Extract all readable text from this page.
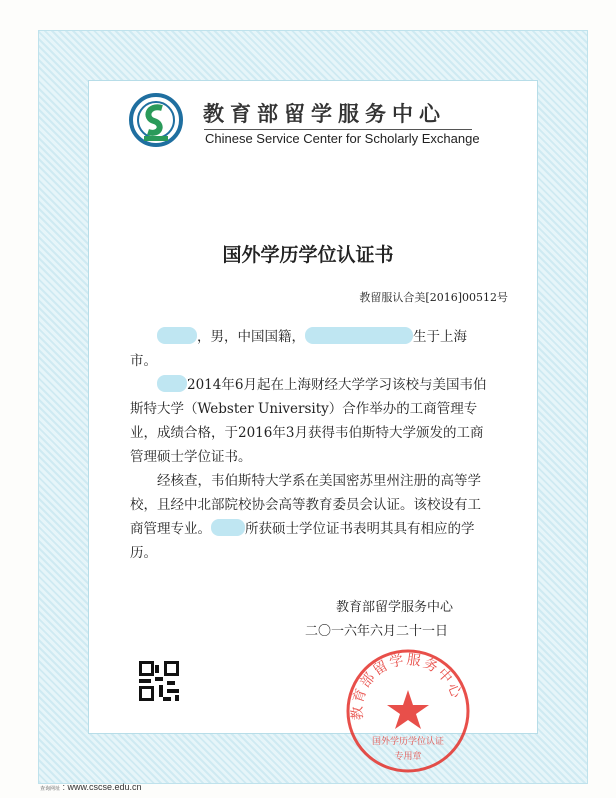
教育部留学服务中心
Chinese Service Center for Scholarly Exchange
国外学历学位认证书
教留服认合美[2016]00512号

，男，中国国籍，	生于上海市。

2014年6月起在上海财经大学学习该校与美国韦伯斯特大学（Webster University）合作举办的工商管理专业，成绩合格，于2016年3月获得韦伯斯特大学颁发的工商管理硕士学位证书。

经核查，韦伯斯特大学系在美国密苏里州注册的高等学校，且经中北部院校协会高等教育委员会认证。该校设有工商管理专业。	所获硕士学位证书表明其具有相应的学历。

教育部留学服务中心
二〇一六年六月二十一日
教育部留学服务中心
国外学历学位认证
专用章
查询网址 : www.cscse.edu.cn
